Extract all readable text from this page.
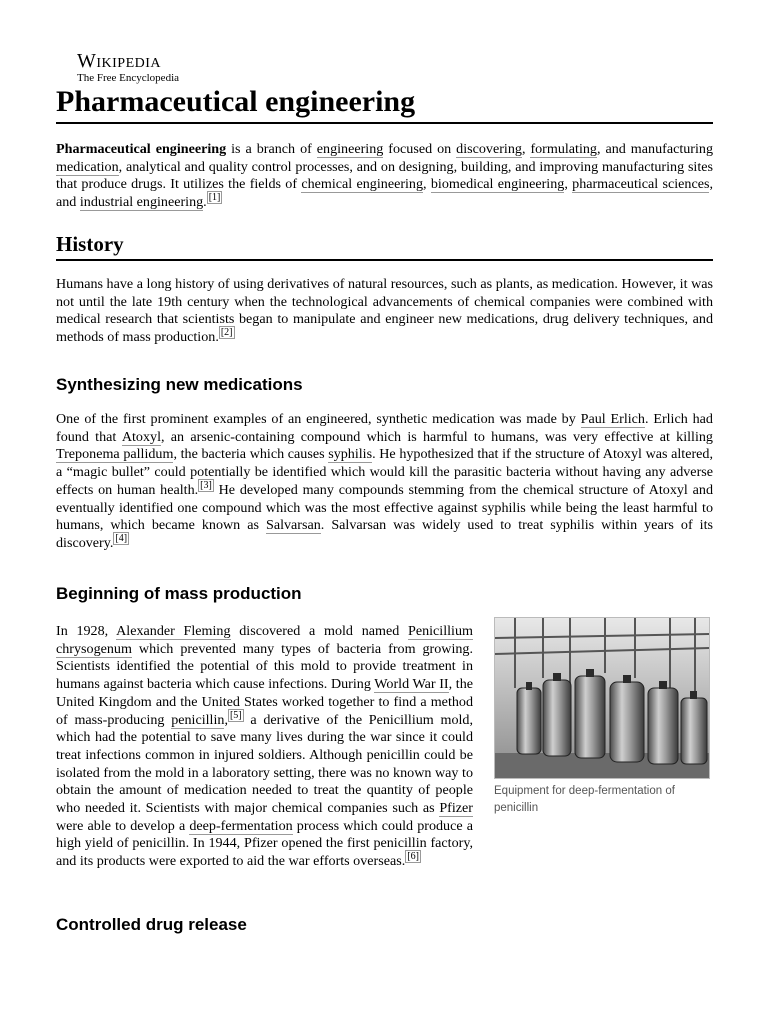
Wikipedia
The Free Encyclopedia
Pharmaceutical engineering

Pharmaceutical engineering is a branch of engineering focused on discovering, formulating, and manufacturing medication, analytical and quality control processes, and on designing, building, and improving manufacturing sites that produce drugs. It utilizes the fields of chemical engineering, biomedical engineering, pharmaceutical sciences, and industrial engineering. [1]

History

Humans have a long history of using derivatives of natural resources, such as plants, as medication. However, it was not until the late 19th century when the technological advancements of chemical companies were combined with medical research that scientists began to manipulate and engineer new medications, drug delivery techniques, and methods of mass production. [2]

Synthesizing new medications

One of the first prominent examples of an engineered, synthetic medication was made by Paul Erlich. Erlich had found that Atoxyl, an arsenic-containing compound which is harmful to humans, was very effective at killing Treponema pallidum, the bacteria which causes syphilis. He hypothesized that if the structure of Atoxyl was altered, a “magic bullet” could potentially be identified which would kill the parasitic bacteria without having any adverse effects on human health. [3] He developed many compounds stemming from the chemical structure of Atoxyl and eventually identified one compound which was the most effective against syphilis while being the least harmful to humans, which became known as Salvarsan. Salvarsan was widely used to treat syphilis within years of its discovery. [4]

Beginning of mass production
Equipment for deep-fermentation of penicillin

In 1928, Alexander Fleming discovered a mold named Penicillium chrysogenum which prevented many types of bacteria from growing. Scientists identified the potential of this mold to provide treatment in humans against bacteria which cause infections. During World War II, the United Kingdom and the United States worked together to find a method of mass-producing penicillin, [5] a derivative of the Penicillium mold, which had the potential to save many lives during the war since it could treat infections common in injured soldiers. Although penicillin could be isolated from the mold in a laboratory setting, there was no known way to obtain the amount of medication needed to treat the quantity of people who needed it. Scientists with major chemical companies such as Pfizer were able to develop a deep-fermentation process which could produce a high yield of penicillin. In 1944, Pfizer opened the first penicillin factory, and its products were exported to aid the war efforts overseas. [6]

Controlled drug release
